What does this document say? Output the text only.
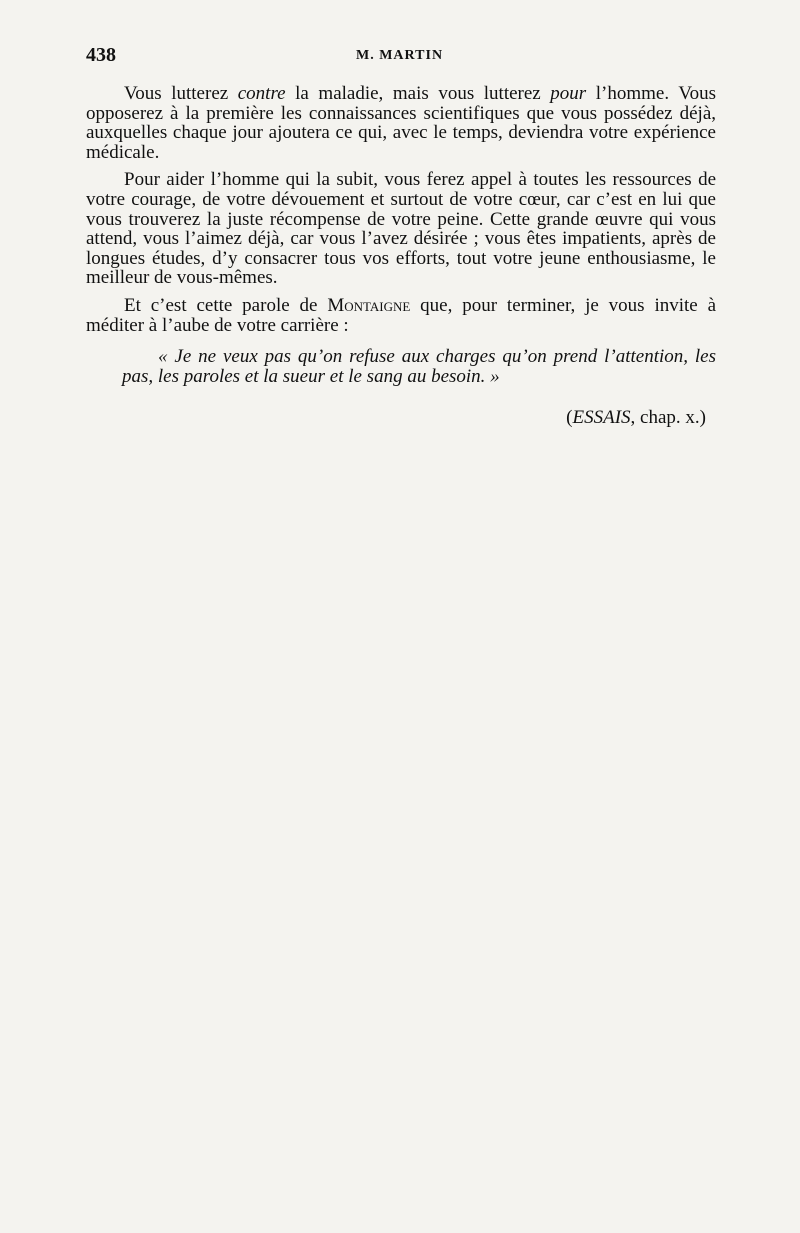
438	M. MARTIN

Vous lutterez contre la maladie, mais vous lutterez pour l’homme. Vous opposerez à la première les connaissances scientifiques que vous possédez déjà, auxquelles chaque jour ajoutera ce qui, avec le temps, deviendra votre expérience médicale.

Pour aider l’homme qui la subit, vous ferez appel à toutes les ressources de votre courage, de votre dévouement et surtout de votre cœur, car c’est en lui que vous trouverez la juste récompense de votre peine. Cette grande œuvre qui vous attend, vous l’aimez déjà, car vous l’avez désirée ; vous êtes impatients, après de longues études, d’y consacrer tous vos efforts, tout votre jeune enthousiasme, le meilleur de vous-mêmes.

Et c’est cette parole de Montaigne que, pour terminer, je vous invite à méditer à l’aube de votre carrière :

« Je ne veux pas qu’on refuse aux charges qu’on prend l’attention, les pas, les paroles et la sueur et le sang au besoin. »
(ESSAIS, chap. x.)
